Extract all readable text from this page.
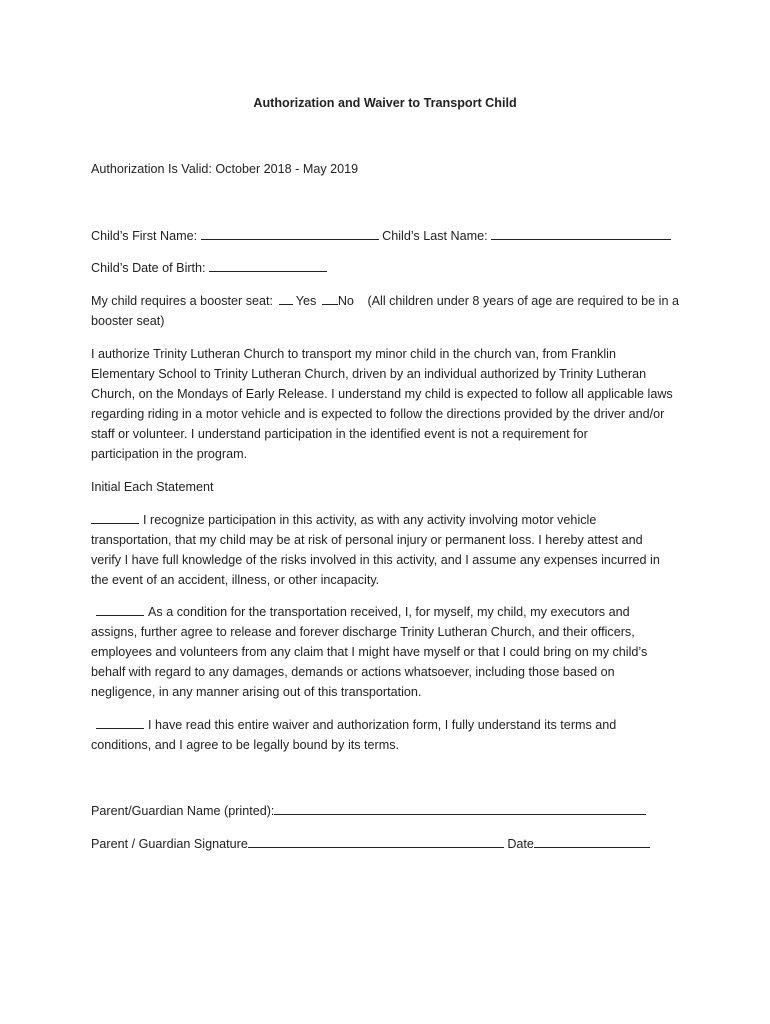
Authorization and Waiver to Transport Child

Authorization Is Valid: October 2018 - May 2019

Child’s First Name:	Child’s Last Name:

Child’s Date of Birth:

My child requires a booster seat: Yes No (All children under 8 years of age are required to be in a

booster seat)

I authorize Trinity Lutheran Church to transport my minor child in the church van, from Franklin
Elementary School to Trinity Lutheran Church, driven by an individual authorized by Trinity Lutheran
Church, on the Mondays of Early Release. I understand my child is expected to follow all applicable laws
regarding riding in a motor vehicle and is expected to follow the directions provided by the driver and/or
staff or volunteer. I understand participation in the identified event is not a requirement for
participation in the program.

Initial Each Statement

I recognize participation in this activity, as with any activity involving motor vehicle
transportation, that my child may be at risk of personal injury or permanent loss. I hereby attest and
verify I have full knowledge of the risks involved in this activity, and I assume any expenses incurred in
the event of an accident, illness, or other incapacity.
As a condition for the transportation received, I, for myself, my child, my executors and
assigns, further agree to release and forever discharge Trinity Lutheran Church, and their officers,
employees and volunteers from any claim that I might have myself or that I could bring on my child’s
behalf with regard to any damages, demands or actions whatsoever, including those based on
negligence, in any manner arising out of this transportation.
I have read this entire waiver and authorization form, I fully understand its terms and
conditions, and I agree to be legally bound by its terms.

Parent/Guardian Name (printed):

Parent / Guardian Signature	Date
